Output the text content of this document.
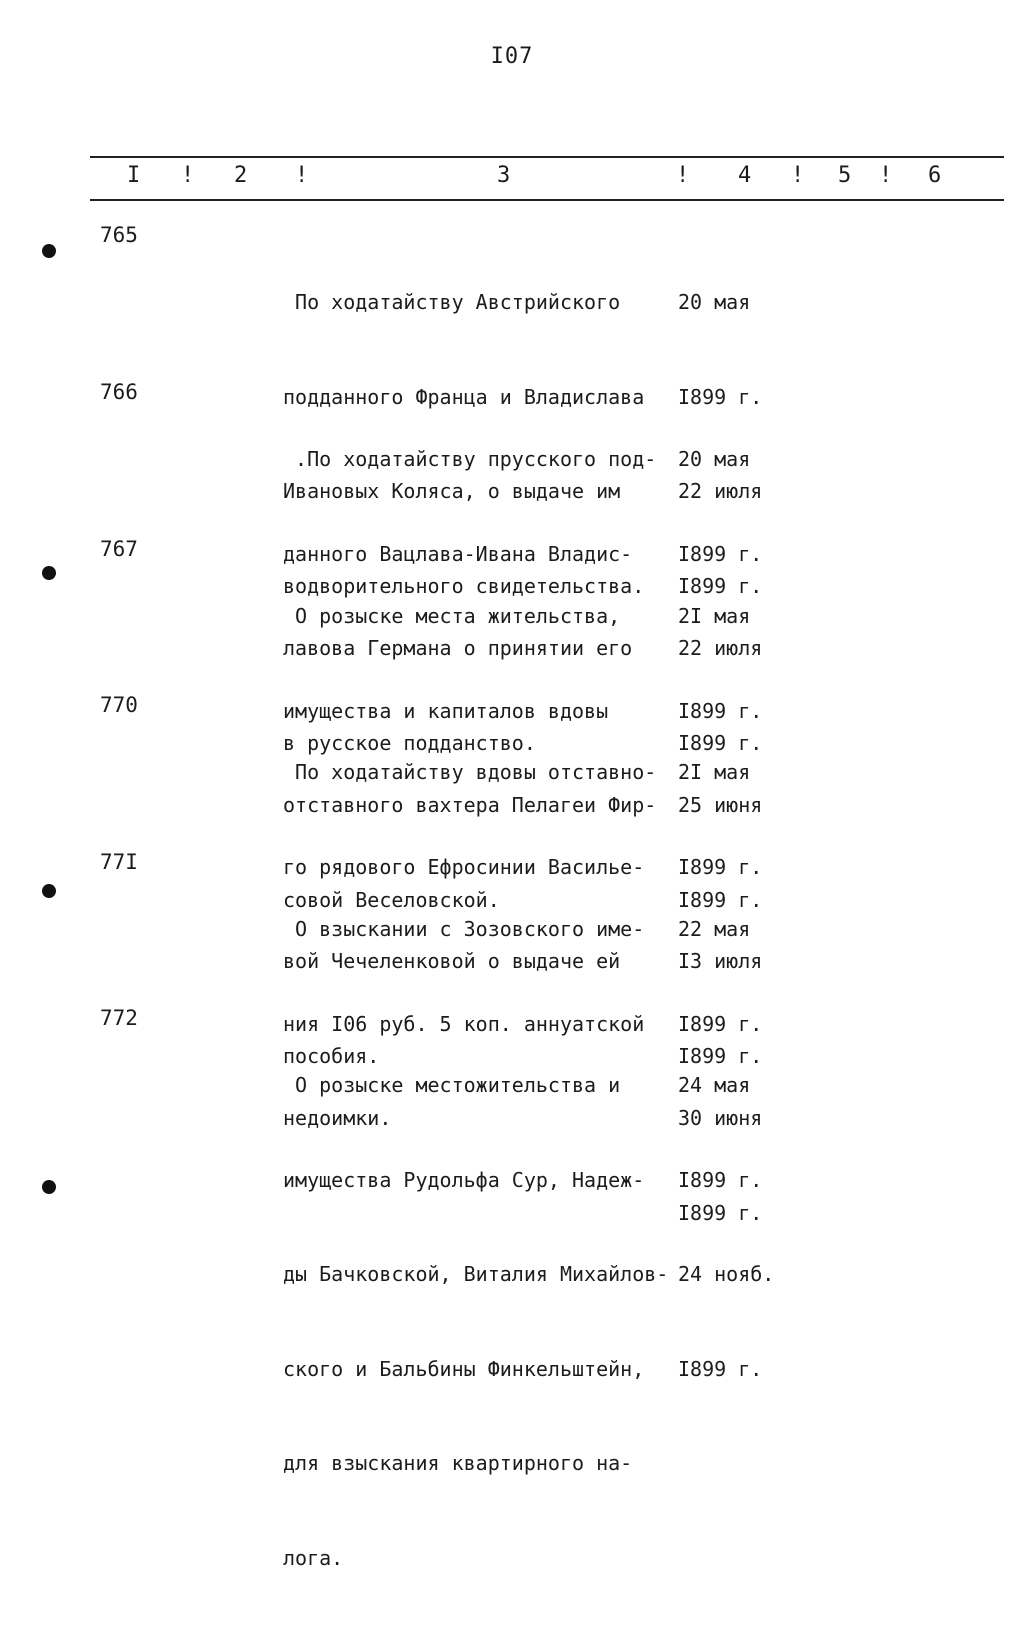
I07
I ! 2 !	3	! 4 ! 5 ! 6
765

По ходатайству Австрийского

подданного Франца и Владислава

Ивановых Коляса, о выдаче им

водворительного свидетельства.

20 мая

I899 г.

22 июля

I899 г.

766

.По ходатайству прусского под-

данного Вацлава-Ивана Владис-

лавова Германа о принятии его

в русское подданство.

20 мая

I899 г.

22 июля

I899 г.

767

О розыске места жительства,

имущества и капиталов вдовы

отставного вахтера Пелагеи Фир-

совой Веселовской.

2I мая

I899 г.

25 июня

I899 г.

770

По ходатайству вдовы отставно-

го рядового Ефросинии Василье-

вой Чечеленковой о выдаче ей

пособия.

2I мая

I899 г.

I3 июля

I899 г.

77I

О взыскании с Зозовского име-

ния I06 руб. 5 коп. аннуатской

недоимки.

22 мая

I899 г.

30 июня

I899 г.

772

О розыске местожительства и

имущества Рудольфа Сур, Надеж-

ды Бачковской, Виталия Михайлов-

ского и Бальбины Финкельштейн,

для взыскания квартирного на-

лога.

24 мая

I899 г.

24 нояб.

I899 г.
